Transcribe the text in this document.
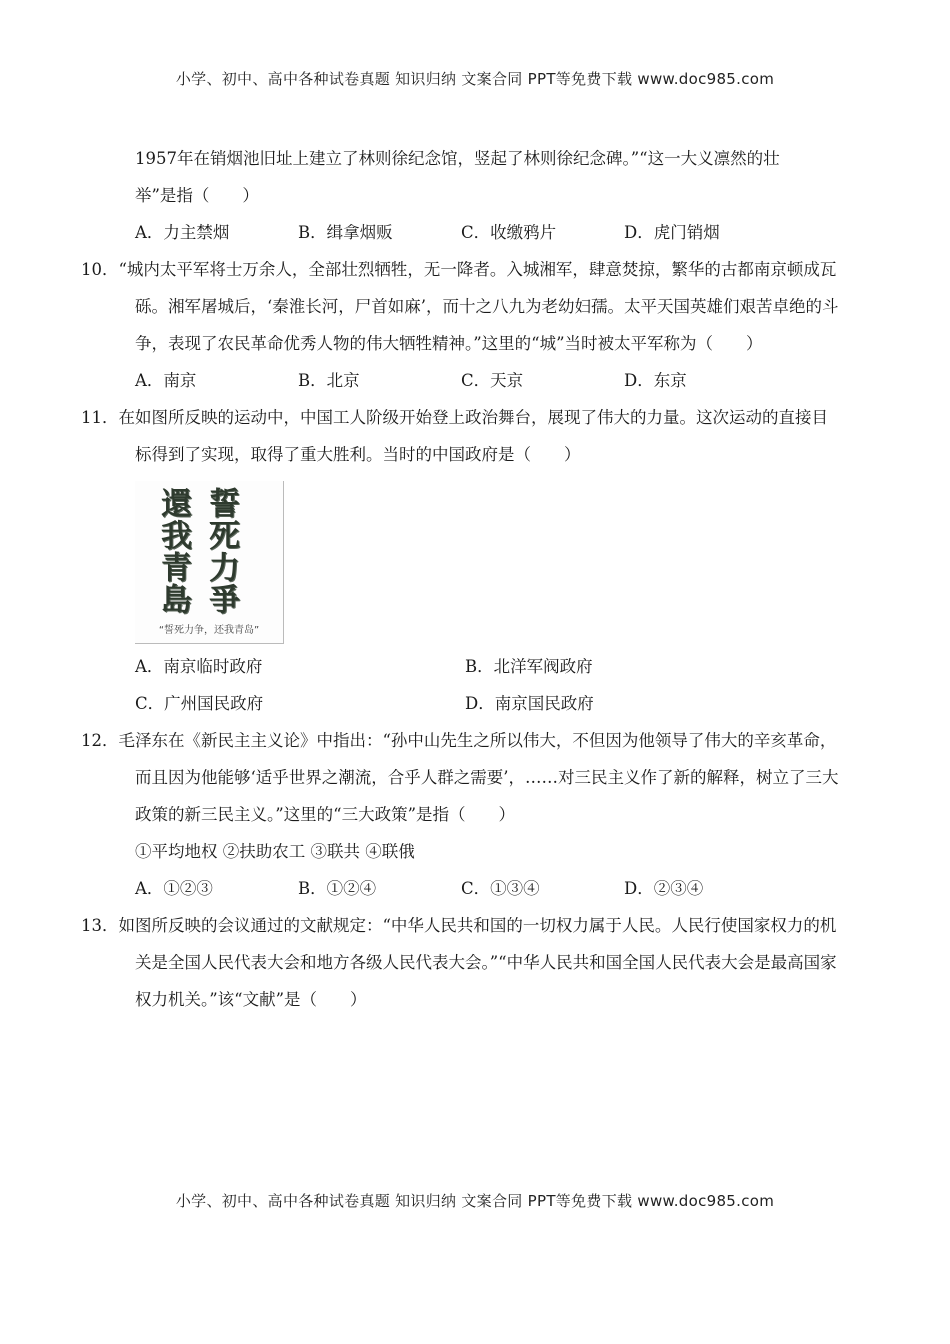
小学、初中、高中各种试卷真题 知识归纳 文案合同 PPT等免费下载 www.doc985.com

1957年在销烟池旧址上建立了林则徐纪念馆，竖起了林则徐纪念碑。”“这一大义凛然的壮

举”是指（　　）

A．力主禁烟	B．缉拿烟贩	C．收缴鸦片	D．虎门销烟

10．“城内太平军将士万余人，全部壮烈牺牲，无一降者。入城湘军，肆意焚掠，繁华的古都南京顿成瓦砾。湘军屠城后，‘秦淮长河，尸首如麻’，而十之八九为老幼妇孺。太平天国英雄们艰苦卓绝的斗争，表现了农民革命优秀人物的伟大牺牲精神。”这里的“城”当时被太平军称为（　　）

A．南京	B．北京	C．天京	D．东京

11．在如图所反映的运动中，中国工人阶级开始登上政治舞台，展现了伟大的力量。这次运动的直接目标得到了实现，取得了重大胜利。当时的中国政府是（　　）

還我青島 誓死力爭
“誓死力争，还我青岛”
A．南京临时政府	B．北洋军阀政府
C．广州国民政府	D．南京国民政府

12．毛泽东在《新民主主义论》中指出：“孙中山先生之所以伟大，不但因为他领导了伟大的辛亥革命，而且因为他能够‘适乎世界之潮流，合乎人群之需要’，……对三民主义作了新的解释，树立了三大政策的新三民主义。”这里的“三大政策”是指（　　）

①平均地权 ②扶助农工 ③联共 ④联俄

A．①②③	B．①②④	C．①③④	D．②③④

13．如图所反映的会议通过的文献规定：“中华人民共和国的一切权力属于人民。人民行使国家权力的机关是全国人民代表大会和地方各级人民代表大会。”“中华人民共和国全国人民代表大会是最高国家权力机关。”该“文献”是（　　）

小学、初中、高中各种试卷真题 知识归纳 文案合同 PPT等免费下载 www.doc985.com
